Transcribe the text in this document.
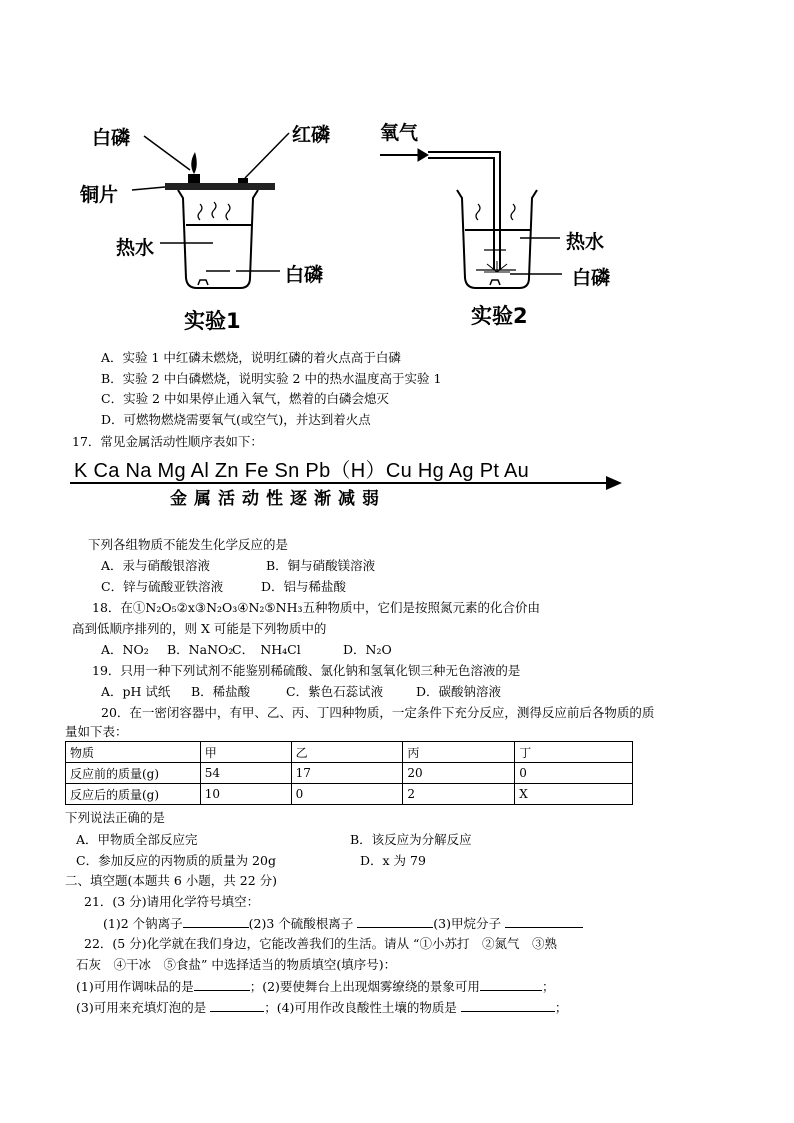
白磷	红磷
铜片
热水
白磷
实验1
氧气
热水
白磷
实验2
A．实验 1 中红磷未燃烧，说明红磷的着火点高于白磷
B．实验 2 中白磷燃烧，说明实验 2 中的热水温度高于实验 1
C．实验 2 中如果停止通入氧气，燃着的白磷会熄灭
D．可燃物燃烧需要氧气(或空气)，并达到着火点
17．常见金属活动性顺序表如下：
K Ca Na Mg Al Zn Fe Sn Pb（H）Cu Hg Ag Pt Au
金属活动性逐渐减弱
下列各组物质不能发生化学反应的是
A．汞与硝酸银溶液	B．铜与硝酸镁溶液
C．锌与硫酸亚铁溶液	D．铝与稀盐酸
18．在①N₂O₅②x③N₂O₃④N₂⑤NH₃五种物质中，它们是按照氮元素的化合价由
高到低顺序排列的，则 X 可能是下列物质中的
A．NO₂ B．NaNO₂
C．　NH₄Cl	D．N₂O
19．只用一种下列试剂不能鉴别稀硫酸、氯化钠和氢氧化钡三种无色溶液的是
A．pH 试纸 B．稀盐酸	C．紫色石蕊试液	D．碳酸钠溶液
20．在一密闭容器中，有甲、乙、丙、丁四种物质，一定条件下充分反应，测得反应前后各物质的质
量如下表：
物质	甲	乙	丙	丁
反应前的质量(g)	54	17	20	0
反应后的质量(g)	10	0	2	X
下列说法正确的是
A．甲物质全部反应完	B．该反应为分解反应
C．参加反应的丙物质的质量为 20g	D．x 为 79
二、填空题(本题共 6 小题，共 22 分)
21．(3 分)请用化学符号填空：
(1)2 个钠离子	(2)3 个硫酸根离子	(3)甲烷分子
22．(5 分)化学就在我们身边，它能改善我们的生活。请从 “①小苏打　②氮气　③熟
石灰　④干冰　⑤食盐” 中选择适当的物质填空(填序号)：
(1)可用作调味品的是	；(2)要使舞台上出现烟雾缭绕的景象可用	；
(3)可用来充填灯泡的是	；(4)可用作改良酸性土壤的物质是	；
